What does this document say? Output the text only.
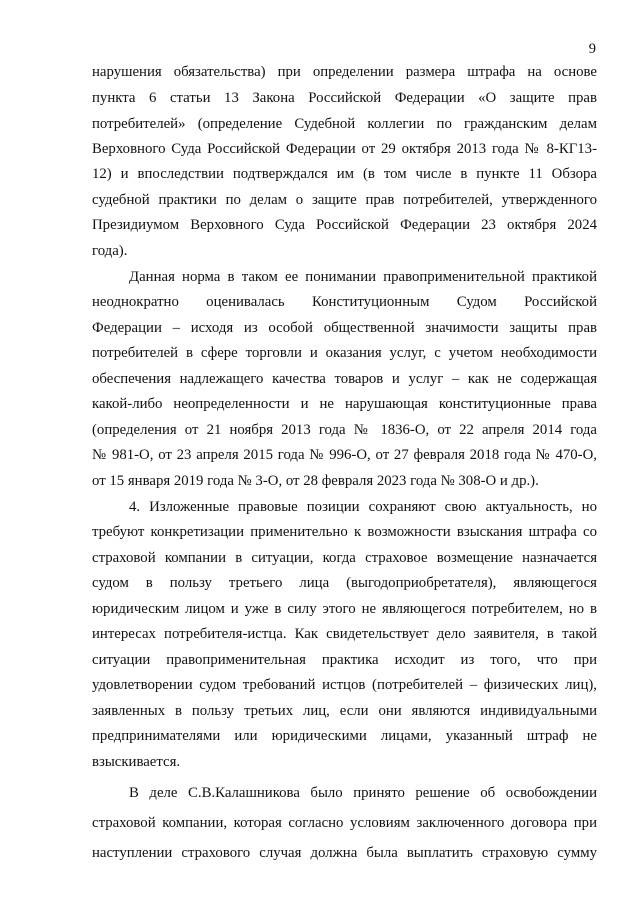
9
нарушения обязательства) при определении размера штрафа на основе
пункта 6 статьи 13 Закона Российской Федерации «О защите прав
потребителей» (определение Судебной коллегии по гражданским делам
Верховного Суда Российской Федерации от 29 октября 2013 года № 8-КГ13-
12) и впоследствии подтверждался им (в том числе в пункте 11 Обзора
судебной практики по делам о защите прав потребителей, утвержденного
Президиумом Верховного Суда Российской Федерации 23 октября 2024
года).
Данная норма в таком ее понимании правоприменительной практикой
неоднократно оценивалась Конституционным Судом Российской
Федерации – исходя из особой общественной значимости защиты прав
потребителей в сфере торговли и оказания услуг, с учетом необходимости
обеспечения надлежащего качества товаров и услуг – как не содержащая
какой-либо неопределенности и не нарушающая конституционные права
(определения от 21 ноября 2013 года № 1836-О, от 22 апреля 2014 года
№ 981-О, от 23 апреля 2015 года № 996-О, от 27 февраля 2018 года № 470-О,
от 15 января 2019 года № 3-О, от 28 февраля 2023 года № 308-О и др.).
4. Изложенные правовые позиции сохраняют свою актуальность, но
требуют конкретизации применительно к возможности взыскания штрафа со
страховой компании в ситуации, когда страховое возмещение назначается
судом в пользу третьего лица (выгодоприобретателя), являющегося
юридическим лицом и уже в силу этого не являющегося потребителем, но в
интересах потребителя-истца. Как свидетельствует дело заявителя, в такой
ситуации правоприменительная практика исходит из того, что при
удовлетворении судом требований истцов (потребителей – физических лиц),
заявленных в пользу третьих лиц, если они являются индивидуальными
предпринимателями или юридическими лицами, указанный штраф не
взыскивается.
В деле С.В.Калашникова было принято решение об освобождении
страховой компании, которая согласно условиям заключенного договора при
наступлении страхового случая должна была выплатить страховую сумму
